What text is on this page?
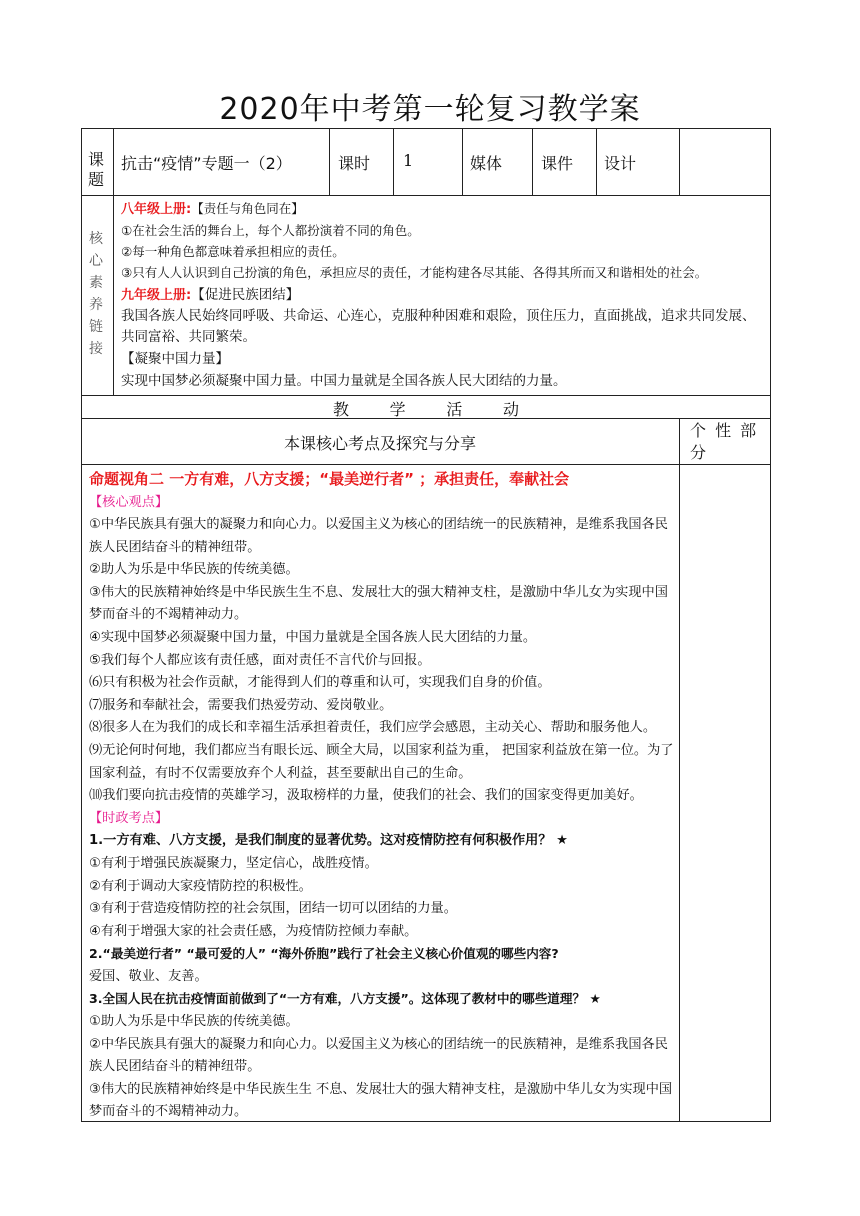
2020年中考第一轮复习教学案
课题
抗击“疫情”专题一（2）	课时 1	媒体 课件 设计
核心素养链接

八年级上册:【责任与角色同在】

①在社会生活的舞台上，每个人都扮演着不同的角色。

②每一种角色都意味着承担相应的责任。

③只有人人认识到自己扮演的角色，承担应尽的责任，才能构建各尽其能、各得其所而又和谐相处的社会。

九年级上册:【促进民族团结】

我国各族人民始终同呼吸、共命运、心连心，克服种种困难和艰险，顶住压力，直面挑战，追求共同发展、共同富裕、共同繁荣。

【凝聚中国力量】

实现中国梦必须凝聚中国力量。中国力量就是全国各族人民大团结的力量。

教        学        活        动
本课核心考点及探究与分享
个 性 部 分

命题视角二 一方有难，八方支援；“最美逆行者” ；承担责任，奉献社会

【核心观点】

①中华民族具有强大的凝聚力和向心力。以爱国主义为核心的团结统一的民族精神，是维系我国各民族人民团结奋斗的精神纽带。

②助人为乐是中华民族的传统美德。

③伟大的民族精神始终是中华民族生生不息、发展壮大的强大精神支柱，是激励中华儿女为实现中国梦而奋斗的不竭精神动力。

④实现中国梦必须凝聚中国力量，中国力量就是全国各族人民大团结的力量。

⑤我们每个人都应该有责任感，面对责任不言代价与回报。

⑹只有积极为社会作贡献，才能得到人们的尊重和认可，实现我们自身的价值。

⑺服务和奉献社会，需要我们热爱劳动、爱岗敬业。

⑻很多人在为我们的成长和幸福生活承担着责任，我们应学会感恩，主动关心、帮助和服务他人。

⑼无论何时何地，我们都应当有眼长远、顾全大局，以国家利益为重， 把国家利益放在第一位。为了国家利益，有时不仅需要放弃个人利益，甚至要献出自己的生命。

⑽我们要向抗击疫情的英雄学习，汲取榜样的力量，使我们的社会、我们的国家变得更加美好。

【时政考点】

1.一方有难、八方支援，是我们制度的显著优势。这对疫情防控有何积极作用？ ★

①有利于增强民族凝聚力，坚定信心，战胜疫情。

②有利于调动大家疫情防控的积极性。

③有利于营造疫情防控的社会氛围，团结一切可以团结的力量。

④有利于增强大家的社会责任感，为疫情防控倾力奉献。

2.“最美逆行者” “最可爱的人” “海外侨胞”践行了社会主义核心价值观的哪些内容?

爱国、敬业、友善。

3.全国人民在抗击疫情面前做到了“一方有难，八方支援”。这体现了教材中的哪些道理？ ★

①助人为乐是中华民族的传统美德。

②中华民族具有强大的凝聚力和向心力。以爱国主义为核心的团结统一的民族精神，是维系我国各民族人民团结奋斗的精神纽带。

③伟大的民族精神始终是中华民族生生 不息、发展壮大的强大精神支柱，是激励中华儿女为实现中国梦而奋斗的不竭精神动力。
